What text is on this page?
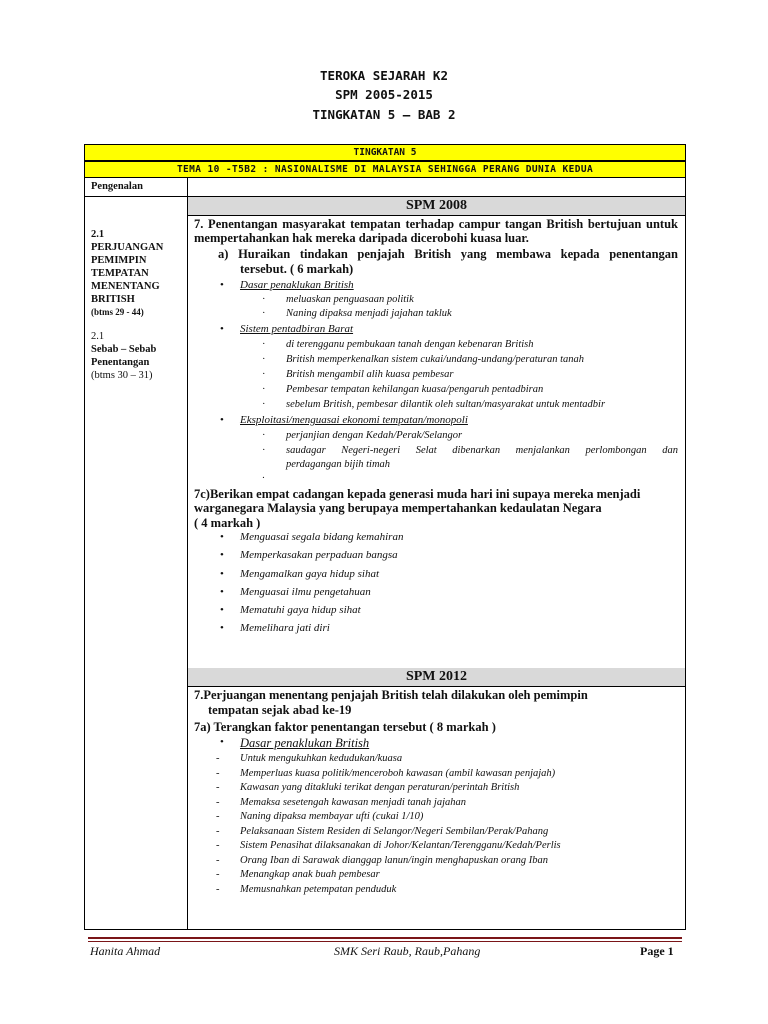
TEROKA SEJARAH K2
SPM 2005-2015
TINGKATAN 5 – BAB 2
TINGKATAN 5
TEMA 10 -T5B2 : NASIONALISME DI MALAYSIA SEHINGGA PERANG DUNIA KEDUA
Pengenalan
2.1
PERJUANGAN
PEMIMPIN
TEMPATAN
MENENTANG
BRITISH
(btms 29 - 44)
2.1
Sebab – Sebab
Penentangan
(btms 30 – 31)
SPM 2008
7. Penentangan masyarakat tempatan terhadap campur tangan British bertujuan untuk mempertahankan hak mereka daripada dicerobohi kuasa luar.
a) Huraikan tindakan penjajah British yang membawa kepada penentangan
tersebut. ( 6 markah)
• Dasar penaklukan British
· meluaskan penguasaan politik
· Naning dipaksa menjadi jajahan takluk
• Sistem pentadbiran Barat
· di terengganu pembukaan tanah dengan kebenaran British
· British memperkenalkan sistem cukai/undang-undang/peraturan tanah
· British mengambil alih kuasa pembesar
· Pembesar tempatan kehilangan kuasa/pengaruh pentadbiran
· sebelum British, pembesar dilantik oleh sultan/masyarakat untuk mentadbir
• Eksploitasi/menguasai ekonomi tempatan/monopoli
· perjanjian dengan Kedah/Perak/Selangor
· saudagar Negeri-negeri Selat dibenarkan menjalankan perlombongan dan
perdagangan bijih timah
·
7c)Berikan empat cadangan kepada generasi muda hari ini supaya mereka menjadi
warganegara Malaysia yang berupaya mempertahankan kedaulatan Negara
( 4 markah )
• Menguasai segala bidang kemahiran
• Memperkasakan perpaduan bangsa
• Mengamalkan gaya hidup sihat
• Menguasai ilmu pengetahuan
• Mematuhi gaya hidup sihat
• Memelihara jati diri
SPM 2012
7.Perjuangan menentang penjajah British telah dilakukan oleh pemimpin
tempatan sejak abad ke-19
7a) Terangkan faktor penentangan tersebut ( 8 markah )
• Dasar penaklukan British
- Untuk mengukuhkan kedudukan/kuasa
- Memperluas kuasa politik/menceroboh kawasan (ambil kawasan penjajah)
- Kawasan yang ditakluki terikat dengan peraturan/perintah British
- Memaksa sesetengah kawasan menjadi tanah jajahan
- Naning dipaksa membayar ufti (cukai 1/10)
- Pelaksanaan Sistem Residen di Selangor/Negeri Sembilan/Perak/Pahang
- Sistem Penasihat dilaksanakan di Johor/Kelantan/Terengganu/Kedah/Perlis
- Orang Iban di Sarawak dianggap lanun/ingin menghapuskan orang Iban
- Menangkap anak buah pembesar
- Memusnahkan petempatan penduduk
Hanita Ahmad	SMK Seri Raub, Raub,Pahang	Page 1
